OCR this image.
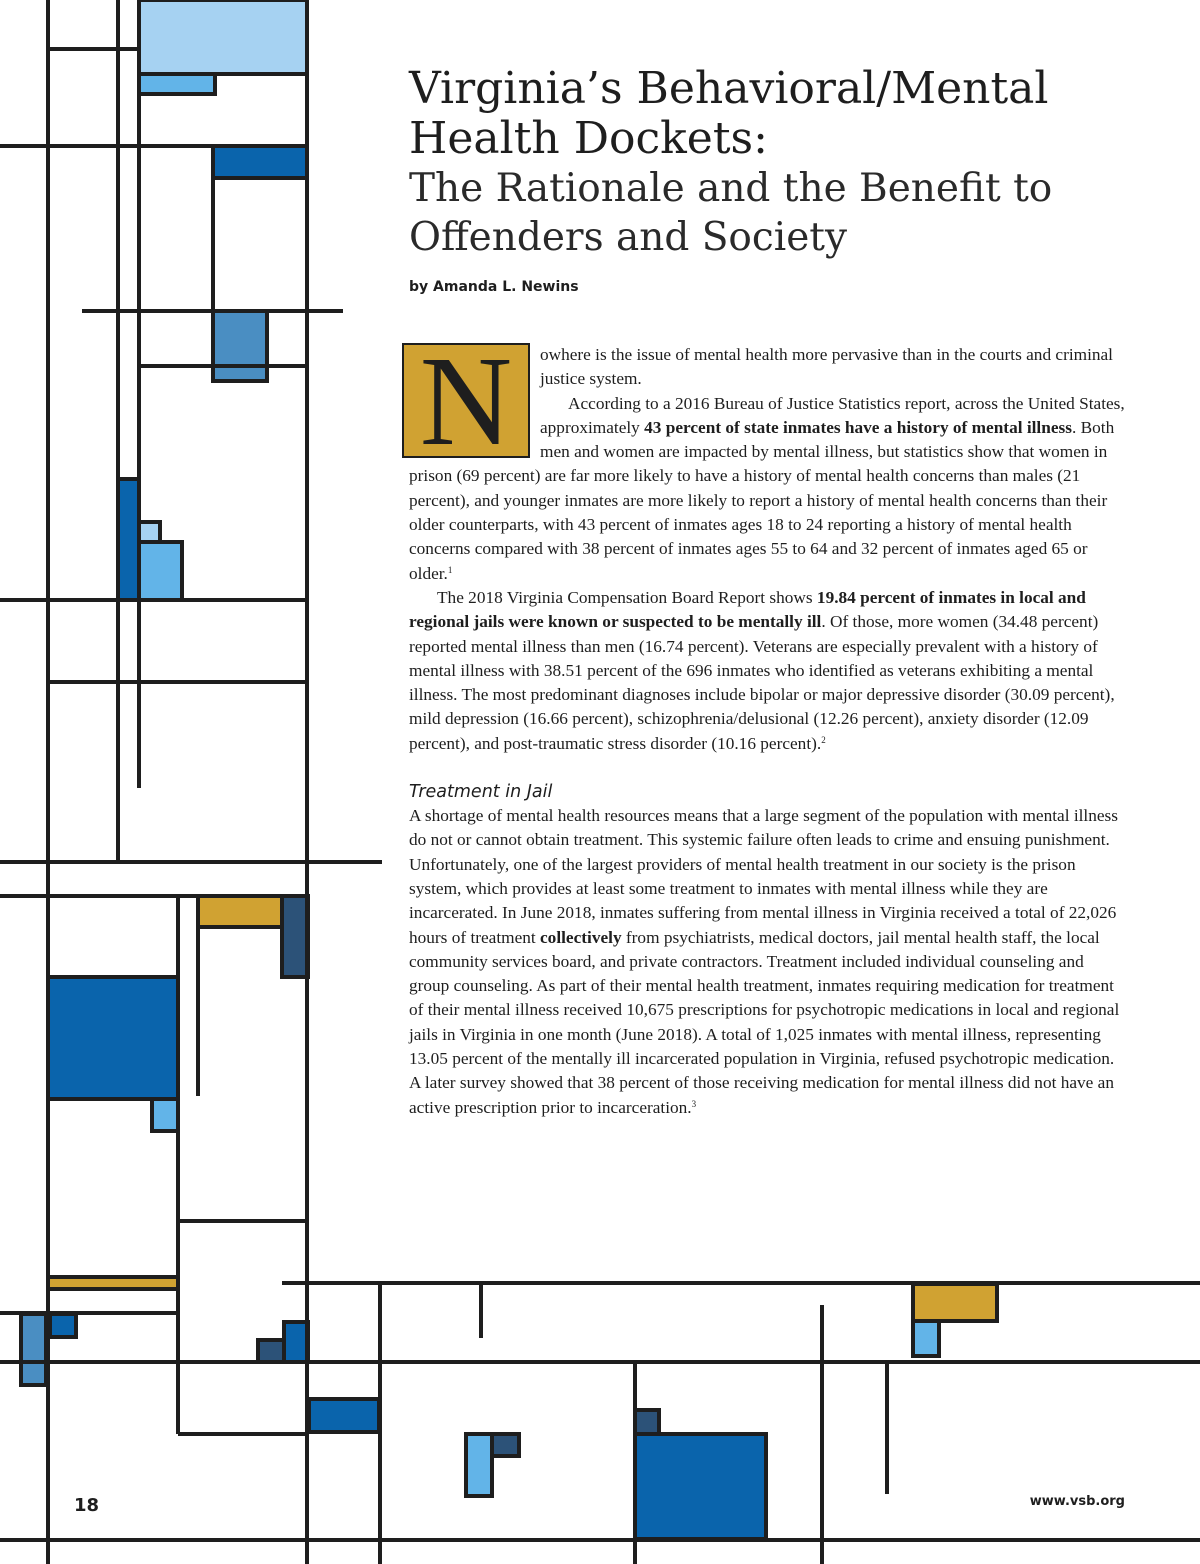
Virginia’s Behavioral/Mental Health Dockets:
The Rationale and the Benefit to Offenders and Society

by Amanda L. Newins

N	owhere is the issue of mental health more pervasive than in the courts and criminal justice system.

According to a 2016 Bureau of Justice Statistics report, across the United States, approximately 43 percent of state inmates have a history of mental illness. Both men and women are impacted by mental illness, but statistics show that women in prison (69 percent) are far more likely to have a history of mental health concerns than males (21 percent), and younger inmates are more likely to report a history of mental health concerns than their older counterparts, with 43 percent of inmates ages 18 to 24 reporting a history of mental health concerns compared with 38 percent of inmates ages 55 to 64 and 32 percent of inmates aged 65 or older.$^1$

The 2018 Virginia Compensation Board Report shows 19.84 percent of inmates in local and regional jails were known or suspected to be mentally ill. Of those, more women (34.48 percent) reported mental illness than men (16.74 percent). Veterans are especially prevalent with a history of mental illness with 38.51 percent of the 696 inmates who identified as veterans exhibiting a mental illness. The most predominant diagnoses include bipolar or major depressive disorder (30.09 percent), mild depression (16.66 percent), schizophrenia/delusional (12.26 percent), anxiety disorder (12.09 percent), and post-traumatic stress disorder (10.16 percent).$^2$

Treatment in Jail

A shortage of mental health resources means that a large segment of the population with mental illness do not or cannot obtain treatment. This systemic failure often leads to crime and ensuing punishment. Unfortunately, one of the largest providers of mental health treatment in our society is the prison system, which provides at least some treatment to inmates with mental illness while they are incarcerated. In June 2018, inmates suffering from mental illness in Virginia received a total of 22,026 hours of treatment collectively from psychiatrists, medical doctors, jail mental health staff, the local community services board, and private contractors. Treatment included individual counseling and group counseling. As part of their mental health treatment, inmates requiring medication for treatment of their mental illness received 10,675 prescriptions for psychotropic medications in local and regional jails in Virginia in one month (June 2018). A total of 1,025 inmates with mental illness, representing 13.05 percent of the mentally ill incarcerated population in Virginia, refused psychotropic medication. A later survey showed that 38 percent of those receiving medication for mental illness did not have an active prescription prior to incarceration.$^3$

18	www.vsb.org
